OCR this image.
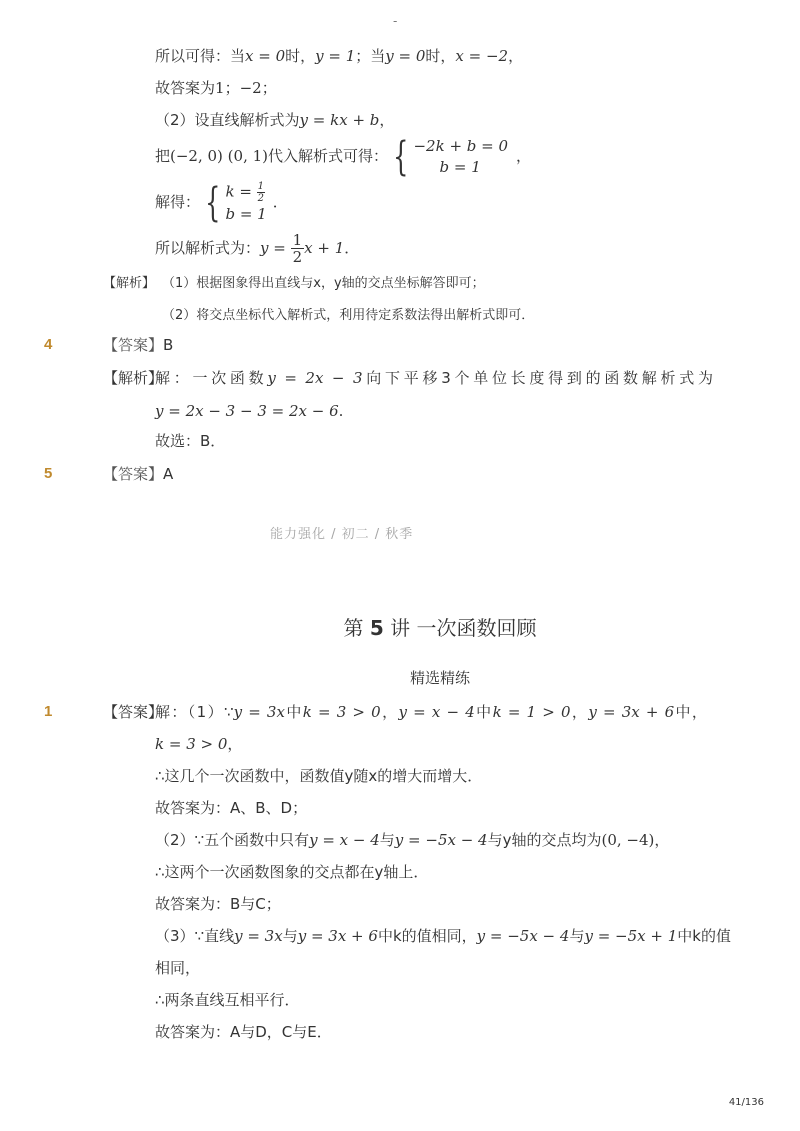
-
所以可得：当x = 0时，y = 1；当y = 0时，x = −2，
故答案为1；−2；
（2）设直线解析式为y = kx + b，
把(−2, 0) (0, 1)代入解析式可得： { −2k + b = 0
b = 1
，
解得： { $k = \frac{1}{2}$
b = 1
．
所以解析式为：$y = \frac{1}{2}$ x + 1．
【解析】 （1）根据图象得出直线与x，y轴的交点坐标解答即可；
（2）将交点坐标代入解析式，利用待定系数法得出解析式即可．
4	【答案】B
【解析】
解：一次函数y = 2x − 3向下平移3个单位长度得到的函数解析式为
y = 2x − 3 − 3 = 2x − 6.
故选：B．
5	【答案】A
能力强化 / 初二 / 秋季
第 5 讲 一次函数回顾
精选精练
1	【答案】
解：（1）∵y = 3x中k = 3 > 0，y = x − 4中k = 1 > 0，y = 3x + 6中，
k = 3 > 0，
∴这几个一次函数中，函数值y随x的增大而增大．
故答案为：A、B、D；
（2）∵五个函数中只有y = x − 4与y = −5x − 4与y轴的交点均为(0, −4)，
∴这两个一次函数图象的交点都在y轴上．
故答案为：B与C；
（3）∵直线y = 3x与y = 3x + 6中k的值相同，y = −5x − 4与y = −5x + 1中k的值
相同，
∴两条直线互相平行．
故答案为：A与D，C与E．
41/136
